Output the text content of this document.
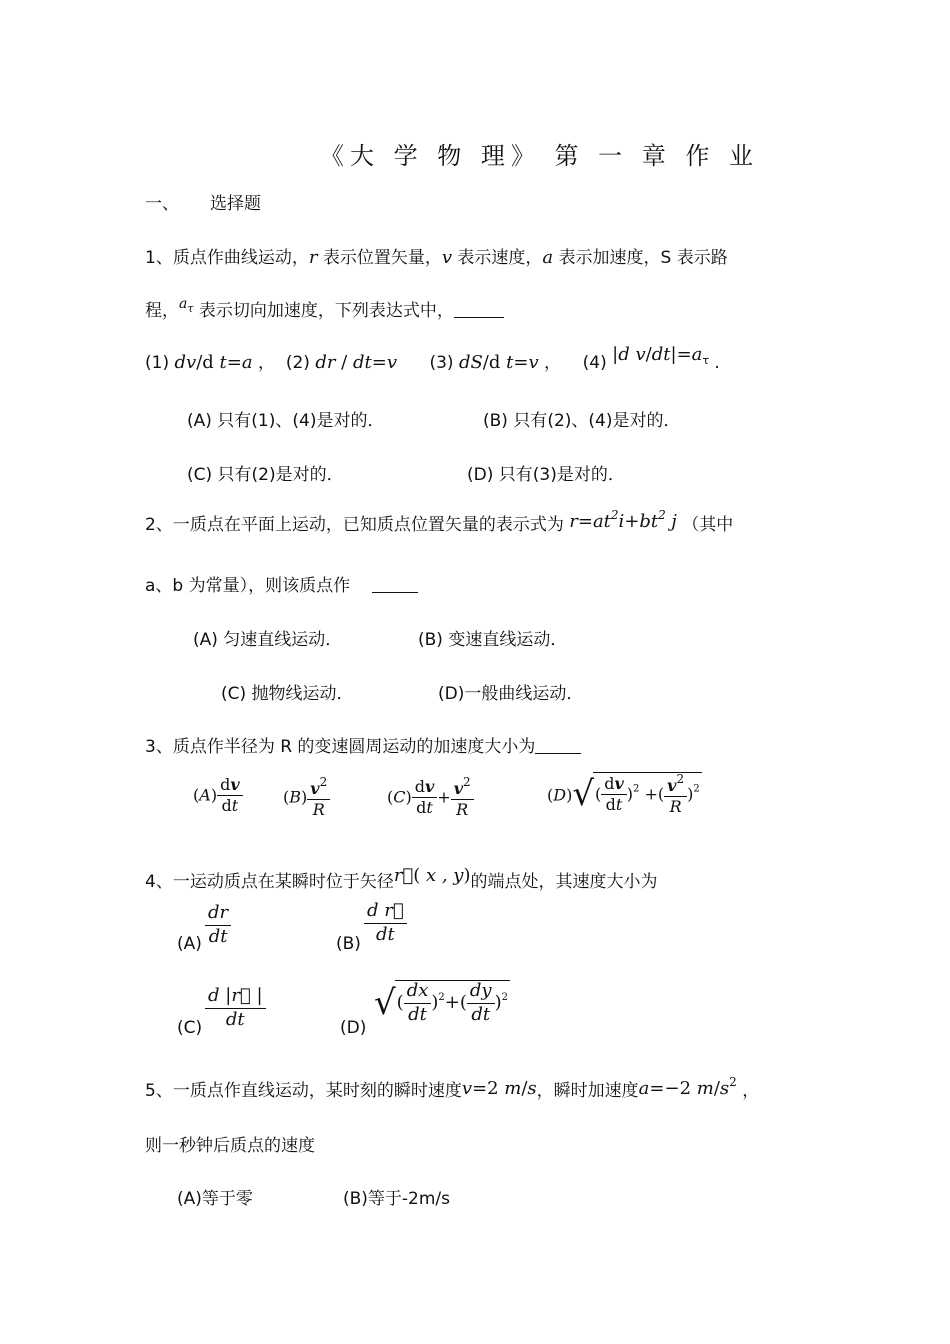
《大 学 物 理》 第 一 章 作 业
一、 选择题
1、质点作曲线运动，r 表示位置矢量，v 表示速度，a 表示加速度，S 表示路
程，$^{a_\tau}$ 表示切向加速度，下列表达式中，
(1) dv/d t=a ， (2) dr / dt=v (3) dS/d t=v ， (4) |d $v/dt|=a_\tau$ .
(A) 只有(1)、(4)是对的．	(B) 只有(2)、(4)是对的．
(C) 只有(2)是对的．	(D) 只有(3)是对的．
2、一质点在平面上运动，已知质点位置矢量的表示式为 $r=at^2i+bt^2$ j （其中
a、b 为常量），则该质点作
(A) 匀速直线运动．	(B) 变速直线运动．
(C) 抛物线运动．	(D)一般曲线运动．
3、质点作半径为 R 的变速圆周运动的加速度大小为
$(A) \frac{dv}{dt}$	$(B) \frac{v^2}{R}$	$(C) \frac{dv}{dt} + \frac{v^2}{R}$	$(D)√( \frac{dv}{dt} )^2$ +( $\frac{v^2}{R} )^2$
4、一运动质点在某瞬时位于矢径r⃗( x , y)的端点处，其速度大小为
$(A) \frac{dr}{dt}$	$(B) \frac{\text{d r⃗}}{dt}$
$(C) \frac{d |r⃗ |}{dt}$	(D)
√( $\frac{dx}{dt} )^2+( \frac{dy}{dt} )^2$
5、一质点作直线运动，某时刻的瞬时速度v=2 m/s，瞬时加速度a=−2 $m/s^2$ ，
则一秒钟后质点的速度
(A)等于零	(B)等于-2m/s
